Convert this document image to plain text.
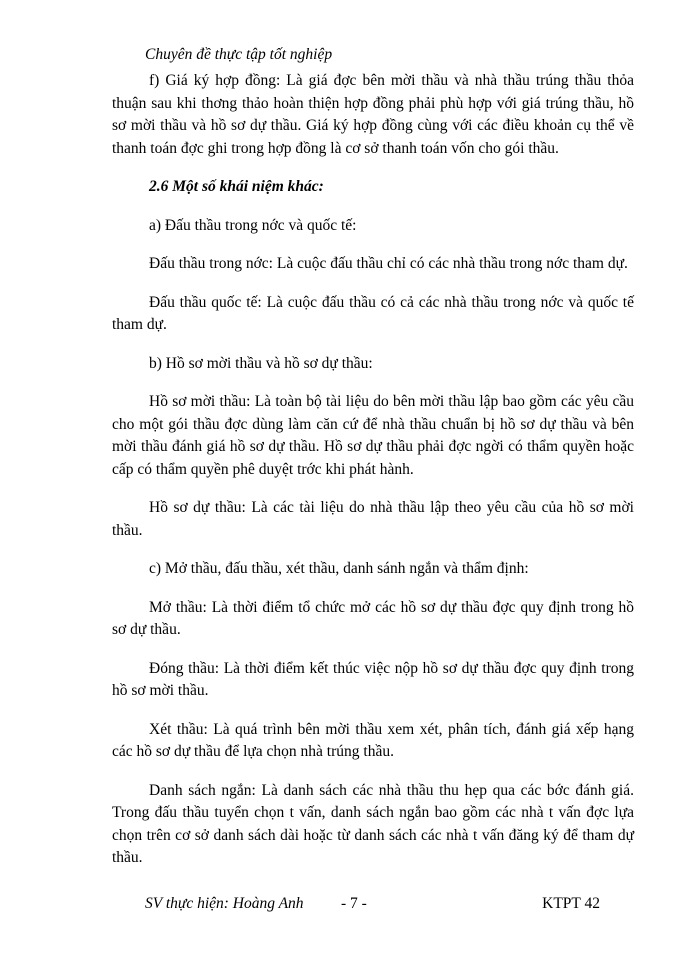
Chuyên đề thực tập tốt nghiệp

f) Giá ký hợp đồng: Là giá đợc bên mời thầu và nhà thầu trúng thầu thỏa thuận sau khi thơng thảo hoàn thiện hợp đồng phải phù hợp với giá trúng thầu, hồ sơ mời thầu và hồ sơ dự thầu. Giá ký hợp đồng cùng với các điều khoản cụ thể về thanh toán đợc ghi trong hợp đồng là cơ sở thanh toán vốn cho gói thầu.

2.6 Một số khái niệm khác:

a) Đấu thầu trong nớc và quốc tế:

Đấu thầu trong nớc: Là cuộc đấu thầu chỉ có các nhà thầu trong nớc tham dự.

Đấu thầu quốc tế: Là cuộc đấu thầu có cả các nhà thầu trong nớc và quốc tế tham dự.

b) Hồ sơ mời thầu và hồ sơ dự thầu:

Hồ sơ mời thầu: Là toàn bộ tài liệu do bên mời thầu lập bao gồm các yêu cầu cho một gói thầu đợc dùng làm căn cứ để nhà thầu chuẩn bị hồ sơ dự thầu và bên mời thầu đánh giá hồ sơ dự thầu. Hồ sơ dự thầu phải đợc ngời có thẩm quyền hoặc cấp có thẩm quyền phê duyệt trớc khi phát hành.

Hồ sơ dự thầu: Là các tài liệu do nhà thầu lập theo yêu cầu của hồ sơ mời thầu.

c) Mở thầu, đấu thầu, xét thầu, danh sánh ngắn và thẩm định:

Mở thầu: Là thời điểm tổ chức mở các hồ sơ dự thầu đợc quy định trong hồ sơ dự thầu.

Đóng thầu: Là thời điểm kết thúc việc nộp hồ sơ dự thầu đợc quy định trong hồ sơ mời thầu.

Xét thầu: Là quá trình bên mời thầu xem xét, phân tích, đánh giá xếp hạng các hồ sơ dự thầu để lựa chọn nhà trúng thầu.

Danh sách ngắn: Là danh sách các nhà thầu thu hẹp qua các bớc đánh giá. Trong đấu thầu tuyển chọn t vấn, danh sách ngắn bao gồm các nhà t vấn đợc lựa chọn trên cơ sở danh sách dài hoặc từ danh sách các nhà t vấn đăng ký để tham dự thầu.

SV thực hiện: Hoàng Anh - 7 -	KTPT 42
